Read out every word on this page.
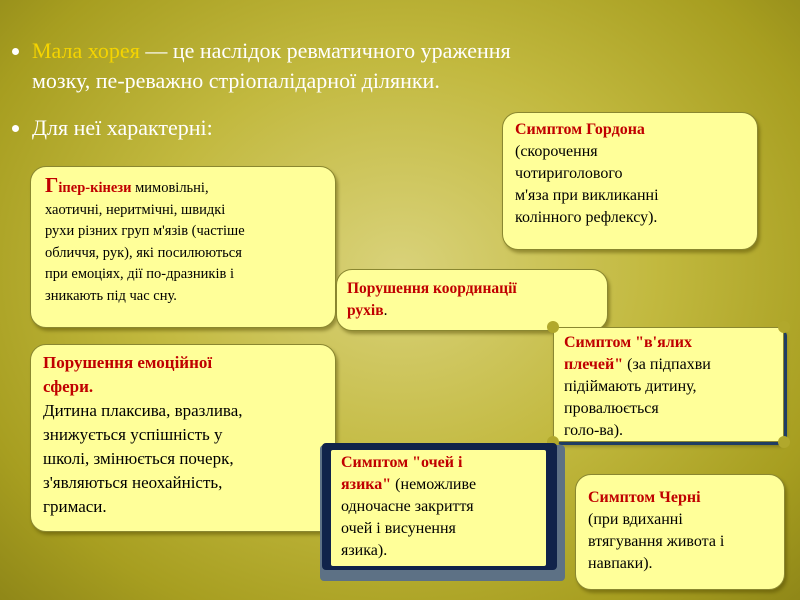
Мала хорея — це наслідок ревматичного ураження
мозку, пе-реважно стріопалідарної ділянки.
Для неї характерні:	Симптом Гордона
(скорочення
чотириголового
м'яза при викликанні
колінного рефлексу).
Гіпер-кінези мимовільні,
хаотичні, неритмічні, швидкі
рухи різних груп м'язів (частіше
обличчя, рук), які посилюються
при емоціях, дії по-дразників і
зникають під час сну.	Порушення координації
рухів.
Порушення емоційної
сфери.
Дитина плаксива, вразлива,
знижується успішність у
школі, змінюється почерк,
з'являються неохайність,
гримаси.
Симптом "в'ялих
плечей" (за підпахви
підіймають дитину,
провалюється
голо-ва).
Симптом "очей і
язика" (неможливе
одночасне закриття
очей і висунення
язика).
Симптом Черні
(при вдиханні
втягування живота і
навпаки).
